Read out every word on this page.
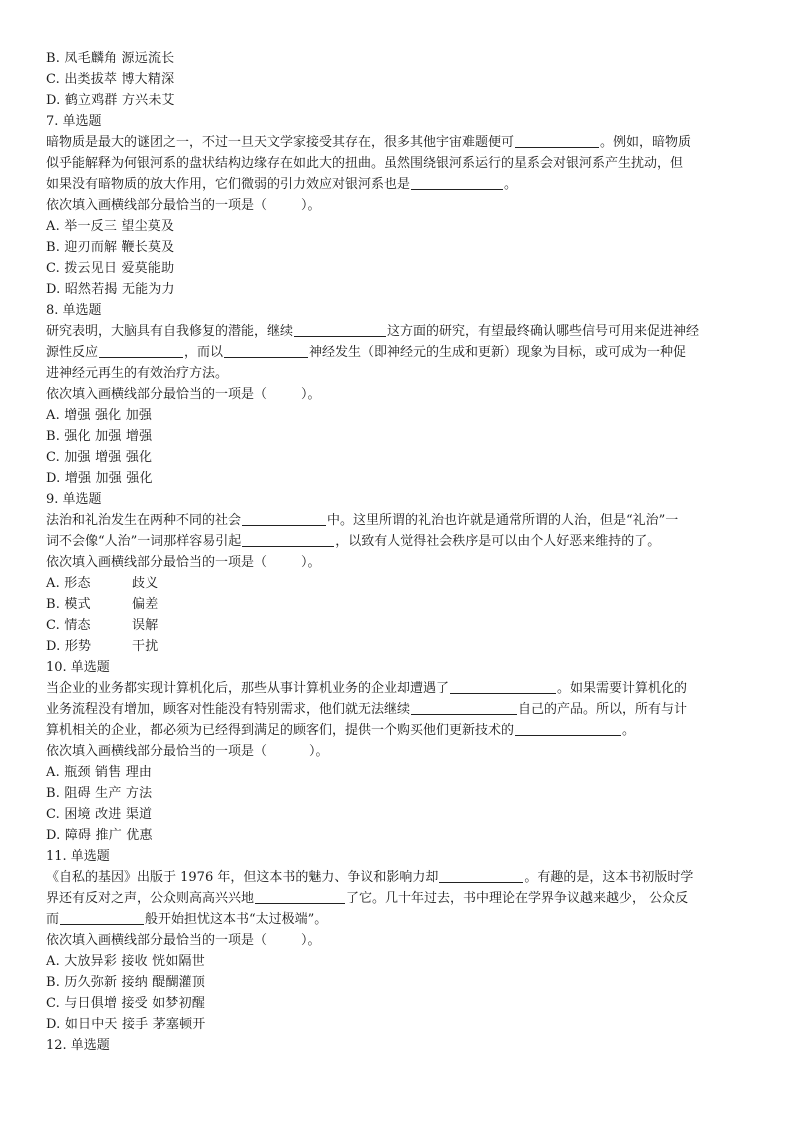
B. 凤毛麟角 源远流长
C. 出类拔萃 博大精深
D. 鹤立鸡群 方兴未艾
7. 单选题
暗物质是最大的谜团之一，不过一旦天文学家接受其存在，很多其他宇宙难题便可	。例如，暗物质
似乎能解释为何银河系的盘状结构边缘存在如此大的扭曲。虽然围绕银河系运行的星系会对银河系产生扰动，但
如果没有暗物质的放大作用，它们微弱的引力效应对银河系也是	。
依次填入画横线部分最恰当的一项是（	）。
A. 举一反三 望尘莫及
B. 迎刃而解 鞭长莫及
C. 拨云见日 爱莫能助
D. 昭然若揭 无能为力
8. 单选题
研究表明，大脑具有自我修复的潜能，继续	这方面的研究，有望最终确认哪些信号可用来促进神经
源性反应	，而以	神经发生（即神经元的生成和更新）现象为目标，或可成为一种促
进神经元再生的有效治疗方法。
依次填入画横线部分最恰当的一项是（	）。
A. 增强 强化 加强
B. 强化 加强 增强
C. 加强 增强 强化
D. 增强 加强 强化
9. 单选题
法治和礼治发生在两种不同的社会	中。这里所谓的礼治也许就是通常所谓的人治，但是“礼治”一
词不会像“人治”一词那样容易引起	，以致有人觉得社会秩序是可以由个人好恶来维持的了。
依次填入画横线部分最恰当的一项是（	）。
A. 形态	歧义
B. 模式	偏差
C. 情态	误解
D. 形势	干扰
10. 单选题
当企业的业务都实现计算机化后，那些从事计算机业务的企业却遭遇了	。如果需要计算机化的
业务流程没有增加，顾客对性能没有特别需求，他们就无法继续	自己的产品。所以，所有与计
算机相关的企业，都必须为已经得到满足的顾客们，提供一个购买他们更新技术的	。
依次填入画横线部分最恰当的一项是（	）。
A. 瓶颈 销售 理由
B. 阻碍 生产 方法
C. 困境 改进 渠道
D. 障碍 推广 优惠
11. 单选题
《自私的基因》出版于 1976 年，但这本书的魅力、争议和影响力却	。有趣的是，这本书初版时学
界还有反对之声，公众则高高兴兴地	了它。几十年过去，书中理论在学界争议越来越少， 公众反
而	般开始担忧这本书“太过极端”。
依次填入画横线部分最恰当的一项是（	）。
A. 大放异彩 接收 恍如隔世
B. 历久弥新 接纳 醍醐灌顶
C. 与日俱增 接受 如梦初醒
D. 如日中天 接手 茅塞顿开
12. 单选题
